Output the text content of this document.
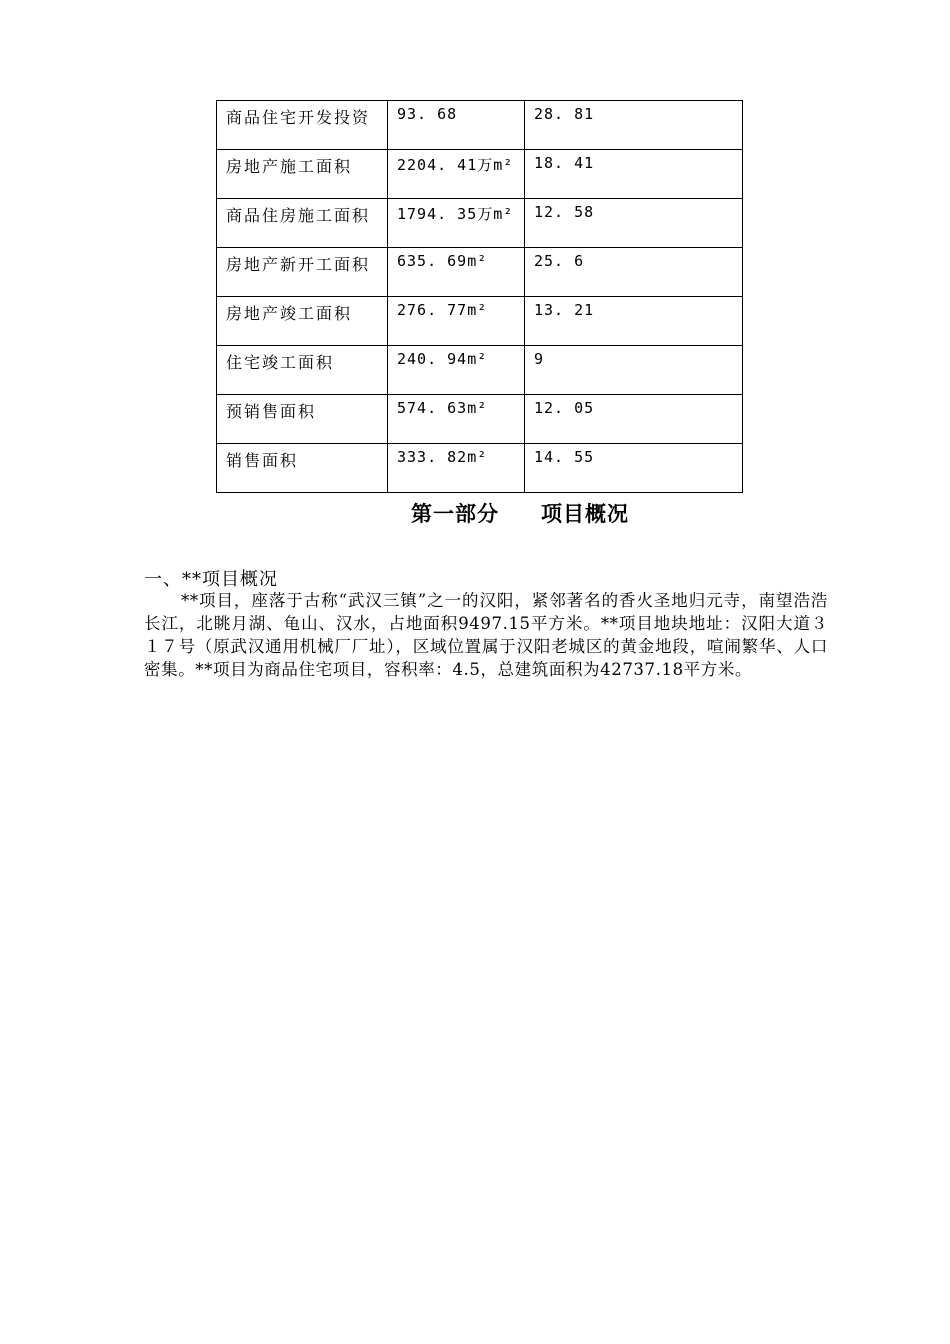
商品住宅开发投资	93. 68	28. 81
房地产施工面积	2204. 41万m²	18. 41
商品住房施工面积	1794. 35万m²	12. 58
房地产新开工面积	635. 69m²	25. 6
房地产竣工面积	276. 77m²	13. 21
住宅竣工面积	240. 94m²	9
预销售面积	574. 63m²	12. 05
销售面积	333. 82m²	14. 55
第一部分 项目概况
一、**项目概况

**项目，座落于古称“武汉三镇”之一的汉阳，紧邻著名的香火圣地归元寺，南望浩浩长江，北眺月湖、龟山、汉水，占地面积9497.15平方米。**项目地块地址：汉阳大道３１７号（原武汉通用机械厂厂址），区域位置属于汉阳老城区的黄金地段，喧闹繁华、人口密集。**项目为商品住宅项目，容积率：4.5，总建筑面积为42737.18平方米。
